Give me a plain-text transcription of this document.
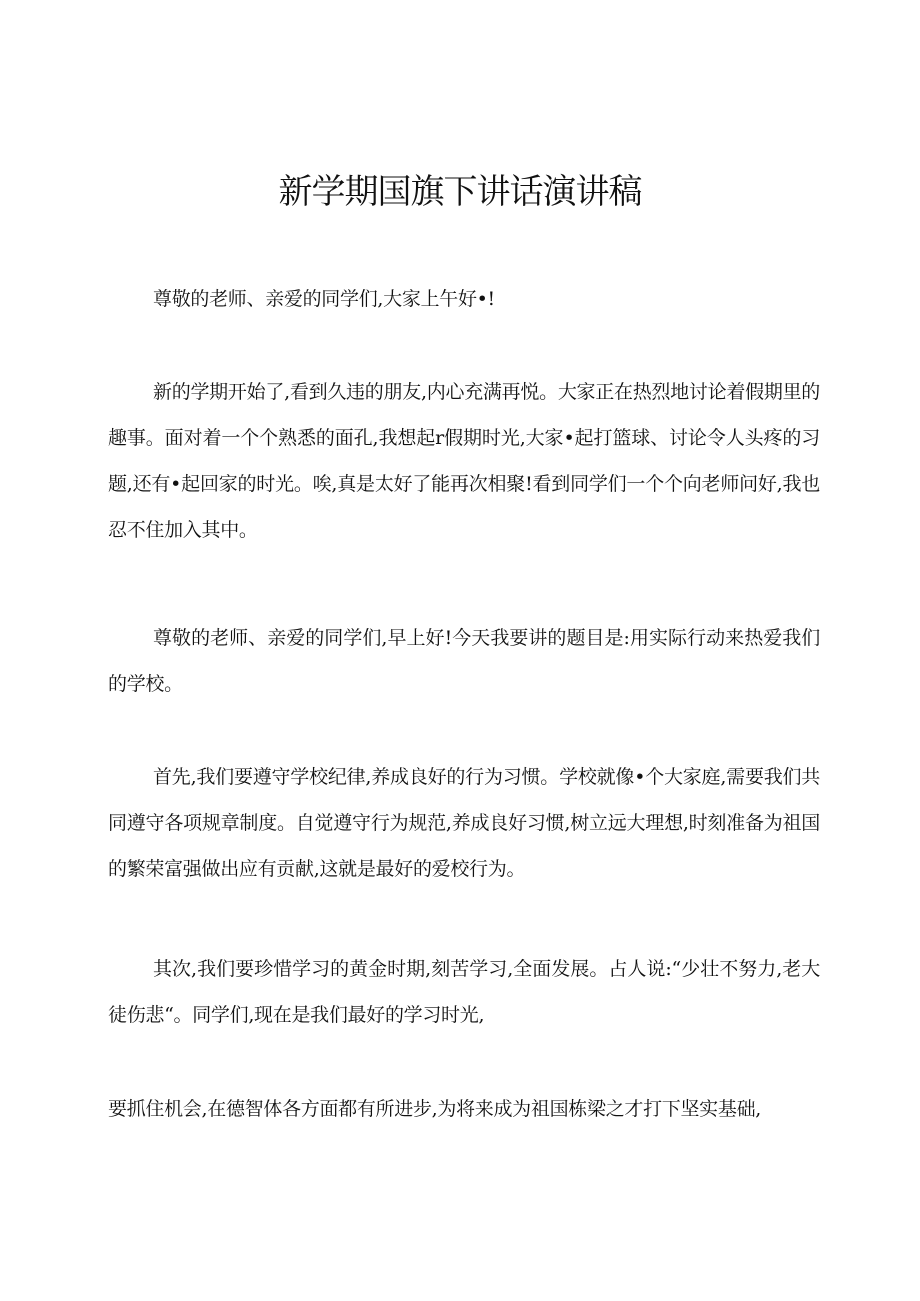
新学期国旗下讲话演讲稿

尊敬的老师、亲爱的同学们,大家上午好•!

新的学期开始了,看到久违的朋友,内心充满再悦。大家正在热烈地讨论着假期里的趣事。面对着一个个熟悉的面孔,我想起r假期时光,大家•起打篮球、讨论令人头疼的习题,还有•起回家的时光。唉,真是太好了能再次相聚!看到同学们一个个向老师问好,我也忍不住加入其中。

尊敬的老师、亲爱的同学们,早上好!今天我要讲的题目是:用实际行动来热爱我们的学校。

首先,我们要遵守学校纪律,养成良好的行为习惯。学校就像•个大家庭,需要我们共同遵守各项规章制度。自觉遵守行为规范,养成良好习惯,树立远大理想,时刻准备为祖国的繁荣富强做出应有贡献,这就是最好的爱校行为。

其次,我们要珍惜学习的黄金时期,刻苦学习,全面发展。占人说:“少壮不努力,老大徒伤悲“。同学们,现在是我们最好的学习时光,

要抓住机会,在德智体各方面都有所进步,为将来成为祖国栋梁之才打下坚实基础,
